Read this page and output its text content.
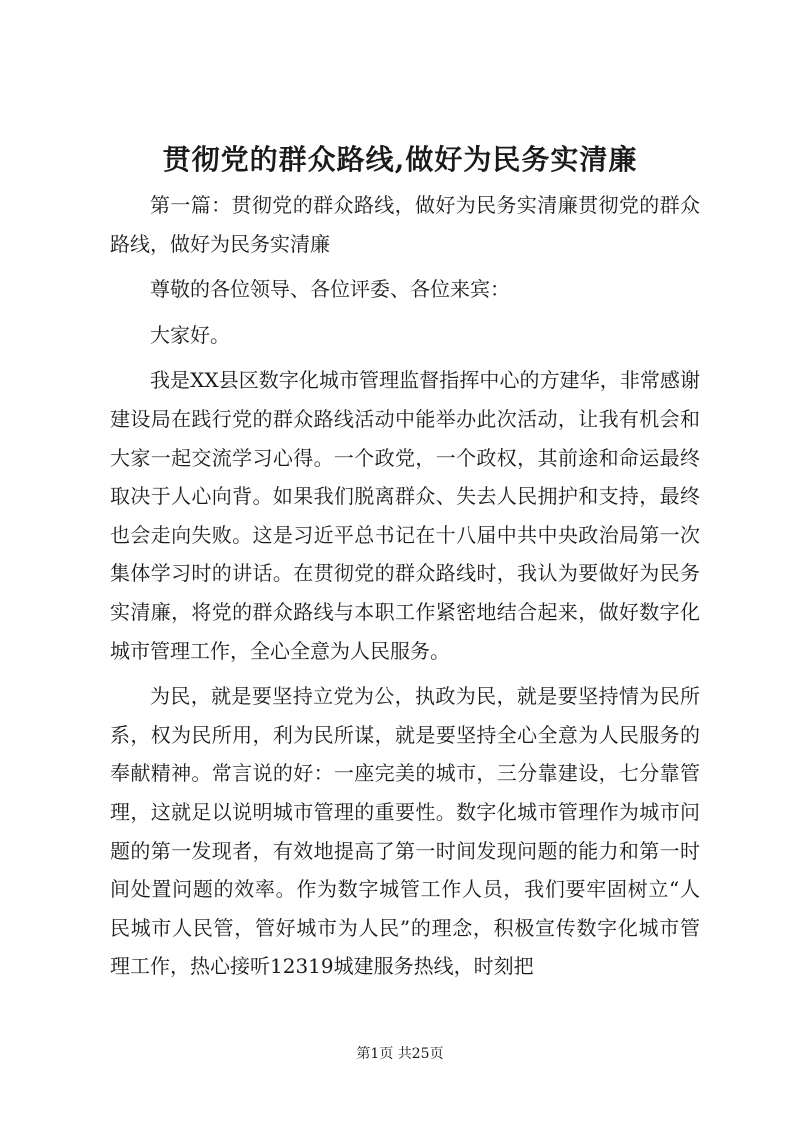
贯彻党的群众路线,做好为民务实清廉

第一篇：贯彻党的群众路线，做好为民务实清廉贯彻党的群众路线，做好为民务实清廉

尊敬的各位领导、各位评委、各位来宾：

大家好。

我是XX县区数字化城市管理监督指挥中心的方建华，非常感谢建设局在践行党的群众路线活动中能举办此次活动，让我有机会和大家一起交流学习心得。一个政党，一个政权，其前途和命运最终取决于人心向背。如果我们脱离群众、失去人民拥护和支持，最终也会走向失败。这是习近平总书记在十八届中共中央政治局第一次集体学习时的讲话。在贯彻党的群众路线时，我认为要做好为民务实清廉，将党的群众路线与本职工作紧密地结合起来，做好数字化城市管理工作，全心全意为人民服务。

为民，就是要坚持立党为公，执政为民，就是要坚持情为民所系，权为民所用，利为民所谋，就是要坚持全心全意为人民服务的奉献精神。常言说的好：一座完美的城市，三分靠建设，七分靠管理，这就足以说明城市管理的重要性。数字化城市管理作为城市问题的第一发现者，有效地提高了第一时间发现问题的能力和第一时间处置问题的效率。作为数字城管工作人员，我们要牢固树立“人民城市人民管，管好城市为人民”的理念，积极宣传数字化城市管理工作，热心接听12319城建服务热线，时刻把

第1页 共25页
